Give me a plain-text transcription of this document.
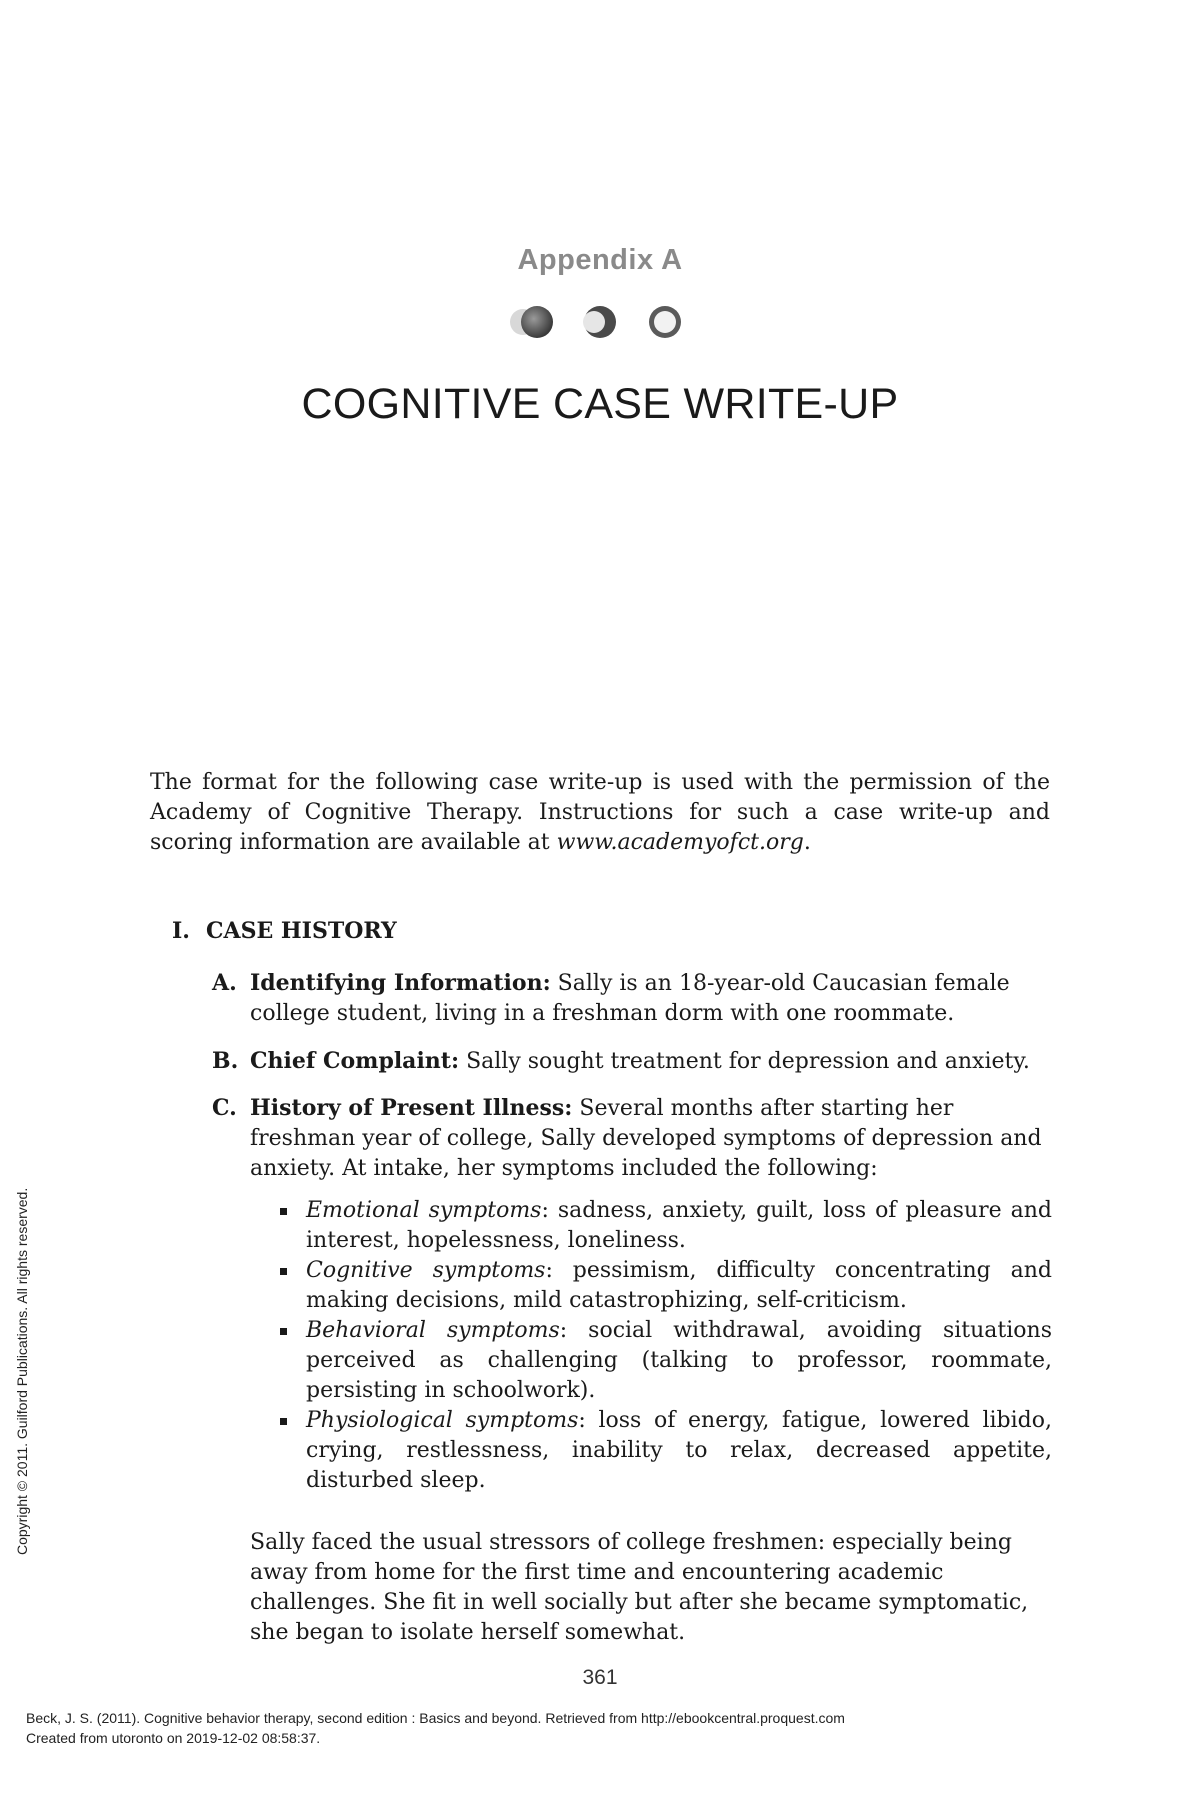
Appendix A
COGNITIVE CASE WRITE-UP
The format for the following case write-up is used with the permission of the Academy of Cognitive Therapy. Instructions for such a case write-up and scoring information are available at www.academyofct.org.
I. CASE HISTORY
A. Identifying Information: Sally is an 18-year-old Caucasian female college student, living in a freshman dorm with one roommate.
B. Chief Complaint: Sally sought treatment for depression and anxiety.
C. History of Present Illness: Several months after starting her freshman year of college, Sally developed symptoms of depression and anxiety. At intake, her symptoms included the following:
Emotional symptoms: sadness, anxiety, guilt, loss of pleasure and interest, hopelessness, loneliness.
Cognitive symptoms: pessimism, difficulty concentrating and making decisions, mild catastrophizing, self-criticism.
Behavioral symptoms: social withdrawal, avoiding situations perceived as challenging (talking to professor, roommate, persisting in schoolwork).
Physiological symptoms: loss of energy, fatigue, lowered libido, crying, restlessness, inability to relax, decreased appetite, disturbed sleep.
Sally faced the usual stressors of college freshmen: especially being away from home for the first time and encountering academic challenges. She fit in well socially but after she became symptomatic, she began to isolate herself somewhat.
361
Beck, J. S. (2011). Cognitive behavior therapy, second edition : Basics and beyond. Retrieved from http://ebookcentral.proquest.com
Created from utoronto on 2019-12-02 08:58:37.
Copyright © 2011. Guilford Publications. All rights reserved.
